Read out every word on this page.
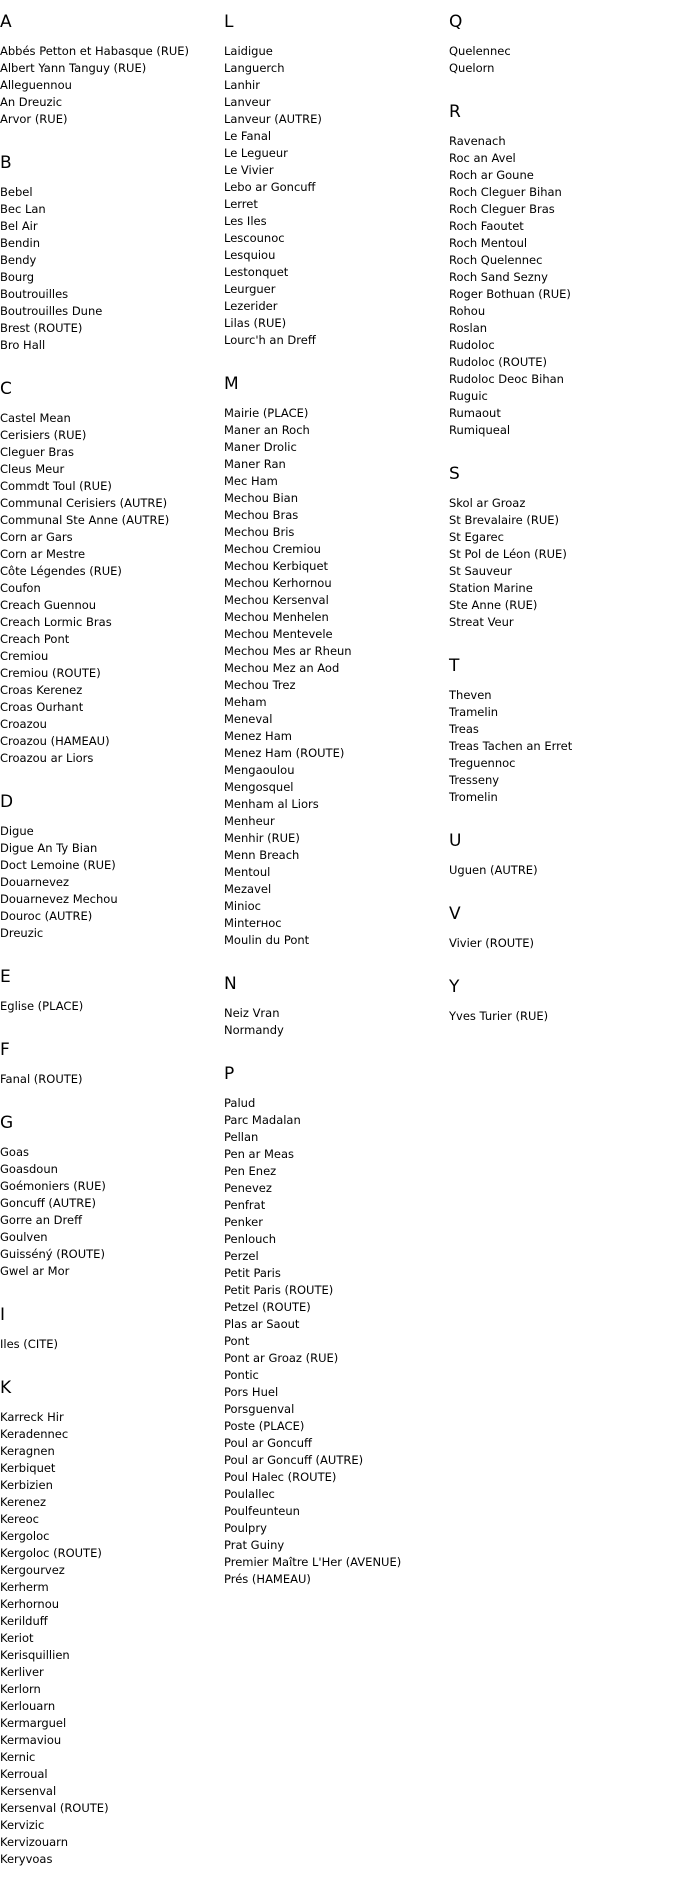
A
Abbés Petton et Habasque (RUE)
Albert Yann Tanguy (RUE)
Alleguennou
An Dreuzic
Arvor (RUE)
B
Bebel
Bec Lan
Bel Air
Bendin
Bendy
Bourg
Boutrouilles
Boutrouilles Dune
Brest (ROUTE)
Bro Hall
C
Castel Mean
Cerisiers (RUE)
Cleguer Bras
Cleus Meur
Commdt Toul (RUE)
Communal Cerisiers (AUTRE)
Communal Ste Anne (AUTRE)
Corn ar Gars
Corn ar Mestre
Côte Légendes (RUE)
Coufon
Creach Guennou
Creach Lormic Bras
Creach Pont
Cremiou
Cremiou (ROUTE)
Croas Kerenez
Croas Ourhant
Croazou
Croazou (HAMEAU)
Croazou ar Liors
D
Digue
Digue An Ty Bian
Doct Lemoine (RUE)
Douarnevez
Douarnevez Mechou
Douroc (AUTRE)
Dreuzic
E
Eglise (PLACE)
F
Fanal (ROUTE)
G
Goas
Goasdoun
Goémoniers (RUE)
Goncuff (AUTRE)
Gorre an Dreff
Goulven
Guisséný (ROUTE)
Gwel ar Mor
I
Iles (CITE)
K
Karreck Hir
Keradennec
Keragnen
Kerbiquet
Kerbizien
Kerenez
Kereoc
Kergoloc
Kergoloc (ROUTE)
Kergourvez
Kerherm
Kerhornou
Kerilduff
Keriot
Kerisquillien
Kerliver
Kerlorn
Kerlouarn
Kermarguel
Kermaviou
Kernic
Kerroual
Kersenval
Kersenval (ROUTE)
Kervizic
Kervizouarn
Keryvoas
L
Laidigue
Languerch
Lanhir
Lanveur
Lanveur (AUTRE)
Le Fanal
Le Legueur
Le Vivier
Lebo ar Goncuff
Lerret
Les Iles
Lescounoc
Lesquiou
Lestonquet
Leurguer
Lezerider
Lilas (RUE)
Lourc'h an Dreff
M
Mairie (PLACE)
Maner an Roch
Maner Drolic
Maner Ran
Mec Ham
Mechou Bian
Mechou Bras
Mechou Bris
Mechou Cremiou
Mechou Kerbiquet
Mechou Kerhornou
Mechou Kersenval
Mechou Menhelen
Mechou Mentevele
Mechou Mes ar Rheun
Mechou Mez an Aod
Mechou Trez
Meham
Meneval
Menez Ham
Menez Ham (ROUTE)
Mengaoulou
Mengosquel
Menham al Liors
Menheur
Menhir (RUE)
Menn Breach
Mentoul
Mezavel
Minioc
Minterноc
Moulin du Pont
N
Neiz Vran
Normandy
P
Palud
Parc Madalan
Pellan
Pen ar Meas
Pen Enez
Penevez
Penfrat
Penker
Penlouch
Perzel
Petit Paris
Petit Paris (ROUTE)
Petzel (ROUTE)
Plas ar Saout
Pont
Pont ar Groaz (RUE)
Pontic
Pors Huel
Porsguenval
Poste (PLACE)
Poul ar Goncuff
Poul ar Goncuff (AUTRE)
Poul Halec (ROUTE)
Poulallec
Poulfeunteun
Poulpry
Prat Guiny
Premier Maître L'Her (AVENUE)
Prés (HAMEAU)
Q
Quelennec
Quelorn
R
Ravenach
Roc an Avel
Roch ar Goune
Roch Cleguer Bihan
Roch Cleguer Bras
Roch Faoutet
Roch Mentoul
Roch Quelennec
Roch Sand Sezny
Roger Bothuan (RUE)
Rohou
Roslan
Rudoloc
Rudoloc (ROUTE)
Rudoloc Deoc Bihan
Ruguic
Rumaout
Rumiqueal
S
Skol ar Groaz
St Brevalaire (RUE)
St Egarec
St Pol de Léon (RUE)
St Sauveur
Station Marine
Ste Anne (RUE)
Streat Veur
T
Theven
Tramelin
Treas
Treas Tachen an Erret
Treguennoc
Tresseny
Tromelin
U
Uguen (AUTRE)
V
Vivier (ROUTE)
Y
Yves Turier (RUE)
